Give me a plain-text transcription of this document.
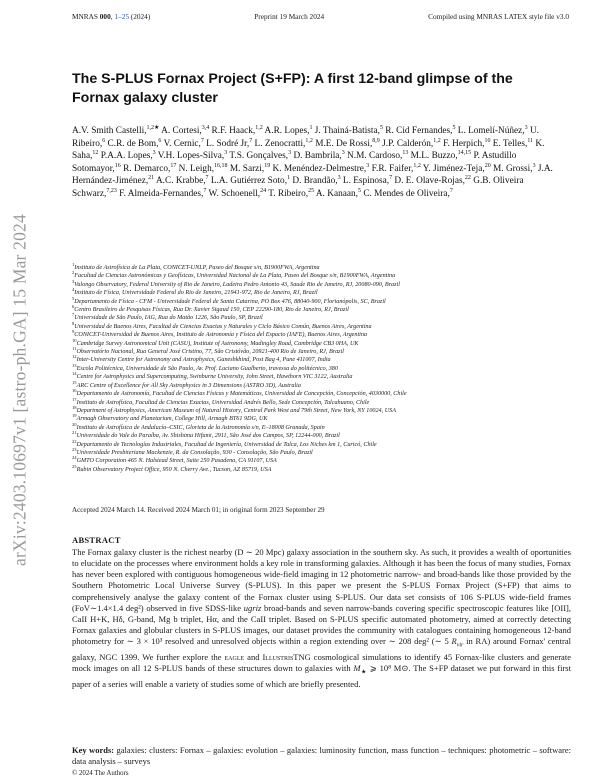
MNRAS 000, 1–25 (2024)	Preprint 19 March 2024	Compiled using MNRAS LATEX style file v3.0
arXiv:2403.10697v1 [astro-ph.GA] 15 Mar 2024
The S-PLUS Fornax Project (S+FP): A first 12-band glimpse of the Fornax galaxy cluster
A.V. Smith Castelli,$^{1,2★}$ A. Cortesi,$^{3,4}$ R.F. Haack,$^{1,2}$ A.R. Lopes,$^1$ J. Thainá-Batista,$^5$ R. Cid Fernandes,$^5$ L. Lomelí-Núñez,$^3$ U. Ribeiro,$^6$ C.R. de Bom,$^6$ V. Cernic,$^7$ L. Sodré Jr,$^7$ L. Zenocratti,$^{1,2}$ M.E. De Rossi,$^{8,9}$ J.P. Calderón,$^{1,2}$ F. Herpich,$^{10}$ E. Telles,$^{11}$ K. Saha,$^{12}$ P.A.A. Lopes,$^3$ V.H. Lopes-Silva,$^3$ T.S. Gonçalves,$^3$ D. Bambrila,$^3$ N.M. Cardoso,$^{13}$ M.L. Buzzo,$^{14,15}$ P. Astudillo Sotomayor,$^{16}$ R. Demarco,$^{17}$ N. Leigh,$^{16,18}$ M. Sarzi,$^{19}$ K. Menéndez-Delmestre,$^3$ F.R. Faifer,$^{1,2}$ Y. Jiménez-Teja,$^{20}$ M. Grossi,$^3$ J.A. Hernández-Jiménez,$^{21}$ A.C. Krabbe,$^7$ L.A. Gutiérrez Soto,$^1$ D. Brandão,$^3$ L. Espinosa,$^7$ D. E. Olave-Rojas,$^{22}$ G.B. Oliveira Schwarz,$^{7,23}$ F. Almeida-Fernandes,$^7$ W. Schoenell,$^{24}$ T. Ribeiro,$^{25}$ A. Kanaan,$^5$ C. Mendes de Oliveira,$^7$
$^1$Instituto de Astrofísica de La Plata, CONICET-UNLP, Paseo del Bosque s/n, B1900FWA, Argentina
$^2$Facultad de Ciencias Astronómicas y Geofísicas, Universidad Nacional de La Plata, Paseo del Bosque s/n, B1900FWA, Argentina
$^3$Valongo Observatory, Federal University of Rio de Janeiro, Ladeira Pedro Antonio 43, Saude Rio de Janeiro, RJ, 20080-090, Brazil
$^4$Instituto de Física, Universidade Federal do Rio de Janeiro, 21941-972, Rio de Janeiro, RJ, Brazil
$^5$Departamento de Física - CFM - Universidade Federal de Santa Catarina, PO Box 476, 88040-900, Florianópolis, SC, Brazil
$^6$Centro Brasileiro de Pesquisas Físicas, Rua Dr. Xavier Sigaud 150, CEP 22290-180, Rio de Janeiro, RJ, Brazil
$^7$Universidade de São Paulo, IAG, Rua do Matão 1226, São Paulo, SP, Brazil
$^8$Universidad de Buenos Aires, Facultad de Ciencias Exactas y Naturales y Ciclo Básico Común, Buenos Aires, Argentina
$^9$CONICET-Universidad de Buenos Aires, Instituto de Astronomía y Física del Espacio (IAFE), Buenos Aires, Argentina
$^{10}$Cambridge Survey Astronomical Unit (CASU), Institute of Astronomy, Madingley Road, Cambridge CB3 0HA, UK
$^{11}$Observatório Nacional, Rua General José Cristino, 77, São Cristóvão, 20921-400 Rio de Janeiro, RJ, Brazil
$^{12}$Inter-University Centre for Astronomy and Astrophysics, Ganeshkhind, Post Bag 4, Pune 411007, India
$^{13}$Escola Politécnica, Universidade de São Paulo, Av. Prof. Luciano Gualberto, travessa do politécnico, 380
$^{14}$Centre for Astrophysics and Supercomputing, Swinburne University, John Street, Hawthorn VIC 3122, Australia
$^{15}$ARC Centre of Excellence for All Sky Astrophysics in 3 Dimensions (ASTRO 3D), Australia
$^{16}$Departamento de Astronomía, Facultad de Ciencias Físicas y Matemáticas, Universidad de Concepción, Concepción, 4030000, Chile
$^{17}$Instituto de Astrofísica, Facultad de Ciencias Exactas, Universidad Andrés Bello, Sede Concepción, Talcahuano, Chile
$^{18}$Department of Astrophysics, American Museum of Natural History, Central Park West and 79th Street, New York, NY 10024, USA
$^{19}$Armagh Observatory and Planetarium, College Hill, Armagh BT61 9DG, UK
$^{20}$Instituto de Astrofísica de Andalucía–CSIC, Glorieta de la Astronomía s/n, E–18008 Granada, Spain
$^{21}$Universidade do Vale do Paraíba, Av. Shishima Hifumi, 2911, São José dos Campos, SP, 12244-000, Brazil
$^{22}$Departamento de Tecnologías Industriales, Facultad de Ingeniería, Universidad de Talca, Los Niches km 1, Curicó, Chile
$^{23}$Universidade Presbiteriana Mackenzie, R. da Consolação, 930 - Consolação, São Paulo, Brazil
$^{24}$GMTO Corporation 465 N. Halstead Street, Suite 250 Pasadena, CA 91107, USA
$^{25}$Rubin Observatory Project Office, 950 N. Cherry Ave., Tucson, AZ 85719, USA
Accepted 2024 March 14. Received 2024 March 01; in original form 2023 September 29
ABSTRACT
The Fornax galaxy cluster is the richest nearby (D ∼ 20 Mpc) galaxy association in the southern sky. As such, it provides a wealth of oportunities to elucidate on the processes where environment holds a key role in transforming galaxies. Although it has been the focus of many studies, Fornax has never been explored with contiguous homogeneous wide-field imaging in 12 photometric narrow- and broad-bands like those provided by the Southern Photometric Local Universe Survey (S-PLUS). In this paper we present the S-PLUS Fornax Project (S+FP) that aims to comprehensively analyse the galaxy content of the Fornax cluster using S-PLUS. Our data set consists of 106 S-PLUS wide-field frames (FoV∼1.4×1.4 deg²) observed in five SDSS-like ugriz broad-bands and seven narrow-bands covering specific spectroscopic features like [OII], CaII H+K, Hδ, G-band, Mg b triplet, Hα, and the CaII triplet. Based on S-PLUS specific automated photometry, aimed at correctly detecting Fornax galaxies and globular clusters in S-PLUS images, our dataset provides the community with catalogues containing homogeneous 12-band photometry for ∼ 3 × 10³ resolved and unresolved objects within a region extending over ∼ 208 deg² (∼ 5 $R_{vir}$ in RA) around Fornax' central galaxy, NGC 1399. We further explore the eagle and IllustrisTNG cosmological simulations to identify 45 Fornax-like clusters and generate mock images on all 12 S-PLUS bands of these structures down to galaxies with $M_★$ ⩾ 10⁸ M⊙. The S+FP dataset we put forward in this first paper of a series will enable a variety of studies some of which are briefly presented.
Key words: galaxies: clusters: Fornax – galaxies: evolution – galaxies: luminosity function, mass function – techniques: photometric – software: data analysis – surveys
© 2024 The Authors
